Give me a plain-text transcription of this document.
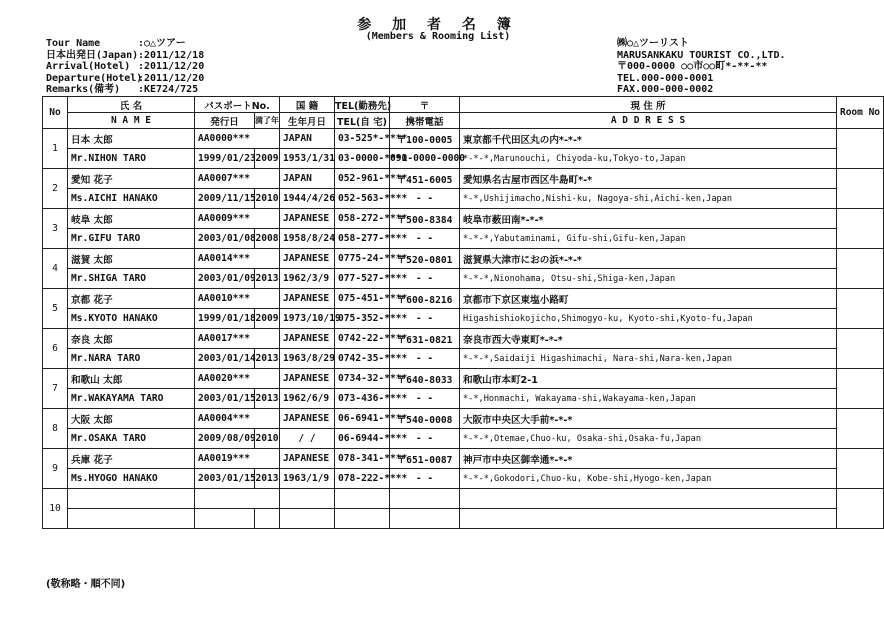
参 加 者 名 簿
(Members & Rooming List)
Tour Name	:○△ツアー
日本出発日(Japan):2011/12/18
Arrival(Hotel) :2011/12/20
Departure(Hotel):2011/12/20
Remarks(備考) :KE724/725
㈱○△ツーリスト
MARUSANKAKU TOURIST CO.,LTD.
〒000-0000 ○○市○○町*-**-**
TEL.000-000-0001
FAX.000-000-0002
No	氏 名	パスポートNo.		国 籍	TEL(勤務先)	〒	現 住 所	Room No
	N A M E	発行日	満了年	生年月日	TEL(自 宅)	携帯電話	A D D R E S S	
1	日本 太郎	AA0000***		JAPAN	03-525*-****	〒100-0005	東京都千代田区丸の内*-*-*	
	Mr.NIHON TARO	1999/01/23	2009	1953/1/31	03-0000-***1	090-0000-0000	*-*-*,Marunouchi, Chiyoda-ku,Tokyo-to,Japan	
2	愛知 花子	AA0007***		JAPAN	052-961-****	〒451-6005	愛知県名古屋市西区牛島町*-*	
	Ms.AICHI HANAKO	2009/11/15	2010	1944/4/26	052-563-****	- -	*-*,Ushijimacho,Nishi-ku, Nagoya-shi,Aichi-ken,Japan	
3	岐阜 太郎	AA0009***		JAPANESE	058-272-****	〒500-8384	岐阜市薮田南*-*-*	
	Mr.GIFU TARO	2003/01/08	2008	1958/8/24	058-277-****	- -	*-*-*,Yabutaminami, Gifu-shi,Gifu-ken,Japan	
4	滋賀 太郎	AA0014***		JAPANESE	0775-24-****	〒520-0801	滋賀県大津市におの浜*-*-*	
	Mr.SHIGA TARO	2003/01/09	2013	1962/3/9	077-527-****	- -	*-*-*,Nionohama, Otsu-shi,Shiga-ken,Japan	
5	京都 花子	AA0010***		JAPANESE	075-451-****	〒600-8216	京都市下京区東塩小路町	
	Ms.KYOTO HANAKO	1999/01/18	2009	1973/10/19	075-352-****	- -	Higashishiokojicho,Shimogyo-ku, Kyoto-shi,Kyoto-fu,Japan	
6	奈良 太郎	AA0017***		JAPANESE	0742-22-****	〒631-0821	奈良市西大寺東町*-*-*	
	Mr.NARA TARO	2003/01/14	2013	1963/8/29	0742-35-****	- -	*-*-*,Saidaiji Higashimachi, Nara-shi,Nara-ken,Japan	
7	和歌山 太郎	AA0020***		JAPANESE	0734-32-****	〒640-8033	和歌山市本町2-1	
	Mr.WAKAYAMA TARO	2003/01/15	2013	1962/6/9	073-436-****	- -	*-*,Honmachi, Wakayama-shi,Wakayama-ken,Japan	
8	大阪 太郎	AA0004***		JAPANESE	06-6941-****	〒540-0008	大阪市中央区大手前*-*-*	
	Mr.OSAKA TARO	2009/08/09	2010	/ /	06-6944-****	- -	*-*-*,Otemae,Chuo-ku, Osaka-shi,Osaka-fu,Japan	
9	兵庫 花子	AA0019***		JAPANESE	078-341-****	〒651-0087	神戸市中央区御幸通*-*-*	
	Ms.HYOGO HANAKO	2003/01/15	2013	1963/1/9	078-222-****	- -	*-*-*,Gokodori,Chuo-ku, Kobe-shi,Hyogo-ken,Japan	
10								

(敬称略・順不同)
